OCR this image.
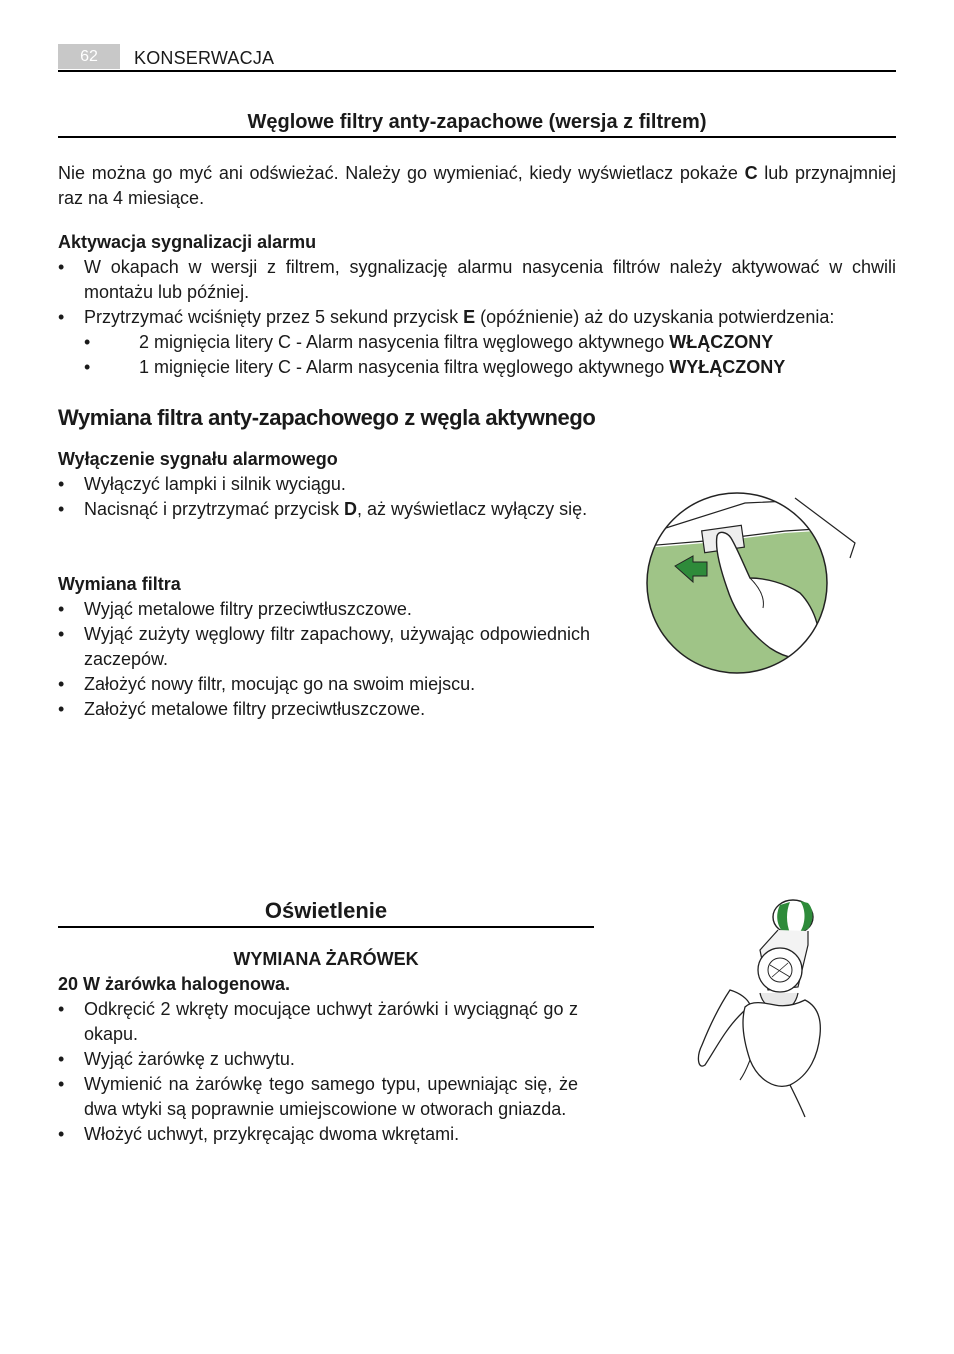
62	KONSERWACJA
Węglowe filtry anty-zapachowe (wersja z filtrem)
Nie można go myć ani odświeżać. Należy go wymieniać, kiedy wyświetlacz pokaże C lub przynajmniej raz na 4 miesiące.
Aktywacja sygnalizacji alarmu
• W okapach w wersji z filtrem, sygnalizację alarmu nasycenia filtrów należy aktywować w chwili montażu lub później.
• Przytrzymać wciśnięty przez 5 sekund przycisk E (opóźnienie) aż do uzyskania potwierdzenia:
• 2 mignięcia litery C - Alarm nasycenia filtra węglowego aktywnego WŁĄCZONY
• 1 mignięcie litery C - Alarm nasycenia filtra węglowego aktywnego WYŁĄCZONY
Wymiana filtra anty-zapachowego z węgla aktywnego
Wyłączenie sygnału alarmowego
• Wyłączyć lampki i silnik wyciągu.
• Nacisnąć i przytrzymać przycisk D, aż wyświetlacz wyłączy się.
Wymiana filtra
• Wyjąć metalowe filtry przeciwtłuszczowe.
• Wyjąć zużyty węglowy filtr zapachowy, używając odpowiednich zaczepów.
• Założyć nowy filtr, mocując go na swoim miejscu.
• Założyć metalowe filtry przeciwtłuszczowe.
Oświetlenie
WYMIANA ŻARÓWEK
20 W żarówka halogenowa.
• Odkręcić 2 wkręty mocujące uchwyt żarówki i wyciągnąć go z okapu.
• Wyjąć żarówkę z uchwytu.
• Wymienić na żarówkę tego samego typu, upewniając się, że dwa wtyki są poprawnie umiejscowione w otworach gniazda.
• Włożyć uchwyt, przykręcając dwoma wkrętami.
